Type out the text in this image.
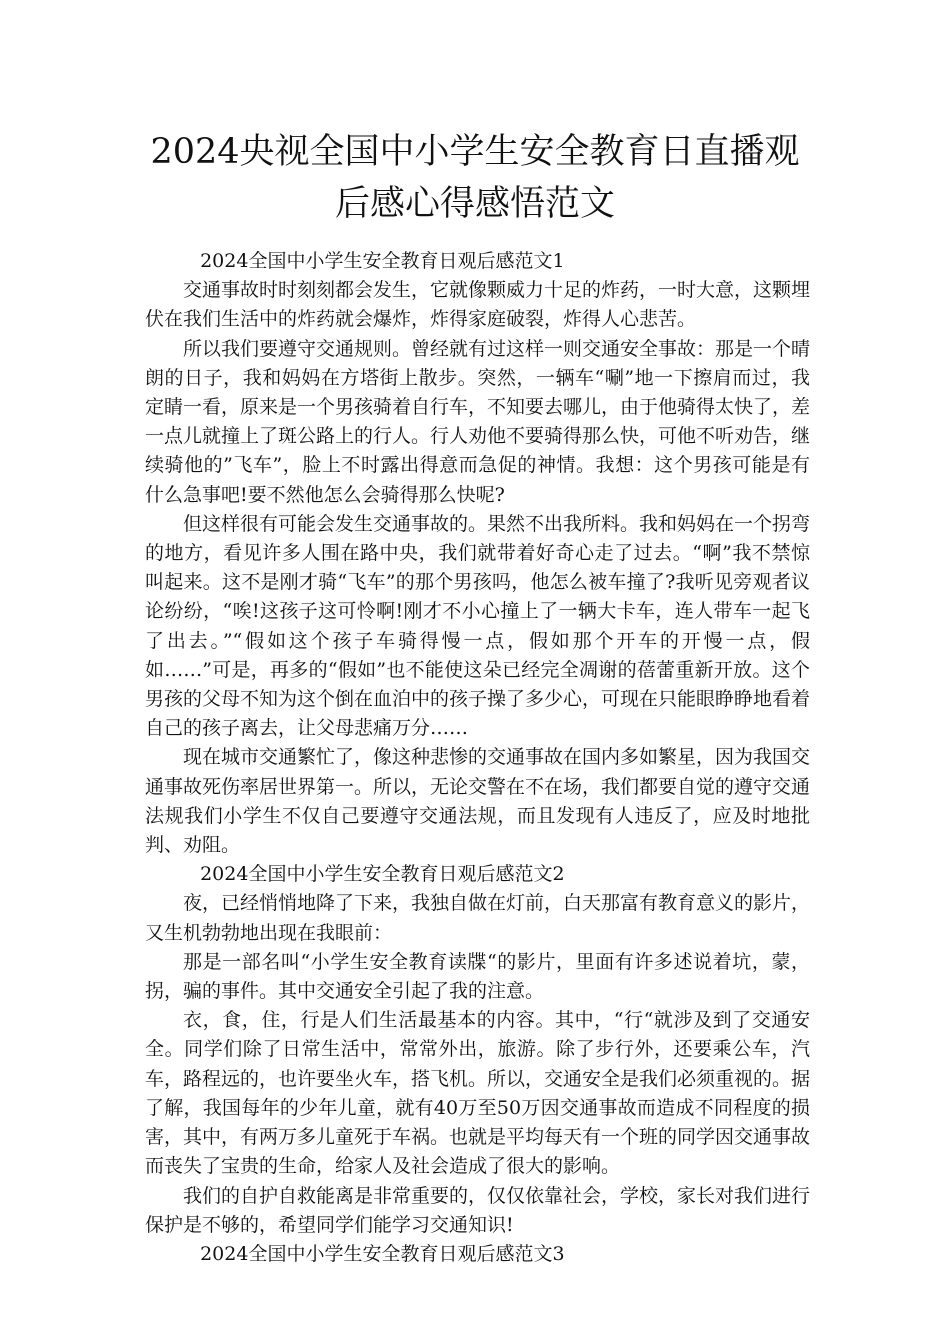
2024央视全国中小学生安全教育日直播观
后感心得感悟范文

2024全国中小学生安全教育日观后感范文1

交通事故时时刻刻都会发生，它就像颗威力十足的炸药，一时大意，这颗埋伏在我们生活中的炸药就会爆炸，炸得家庭破裂，炸得人心悲苦。

所以我们要遵守交通规则。曾经就有过这样一则交通安全事故：那是一个晴朗的日子，我和妈妈在方塔街上散步。突然，一辆车“唰”地一下擦肩而过，我定睛一看，原来是一个男孩骑着自行车，不知要去哪儿，由于他骑得太快了，差一点儿就撞上了斑公路上的行人。行人劝他不要骑得那么快，可他不听劝告，继续骑他的”飞车”，脸上不时露出得意而急促的神情。我想：这个男孩可能是有什么急事吧!要不然他怎么会骑得那么快呢?

但这样很有可能会发生交通事故的。果然不出我所料。我和妈妈在一个拐弯的地方，看见许多人围在路中央，我们就带着好奇心走了过去。“啊”我不禁惊叫起来。这不是刚才骑“飞车”的那个男孩吗，他怎么被车撞了?我听见旁观者议论纷纷，“唉!这孩子这可怜啊!刚才不小心撞上了一辆大卡车，连人带车一起飞了出去。”“假如这个孩子车骑得慢一点，假如那个开车的开慢一点，假如……”可是，再多的“假如”也不能使这朵已经完全凋谢的蓓蕾重新开放。这个男孩的父母不知为这个倒在血泊中的孩子操了多少心，可现在只能眼睁睁地看着自己的孩子离去，让父母悲痛万分……

现在城市交通繁忙了，像这种悲惨的交通事故在国内多如繁星，因为我国交通事故死伤率居世界第一。所以，无论交警在不在场，我们都要自觉的遵守交通法规我们小学生不仅自己要遵守交通法规，而且发现有人违反了，应及时地批判、劝阻。

2024全国中小学生安全教育日观后感范文2

夜，已经悄悄地降了下来，我独自做在灯前，白天那富有教育意义的影片，又生机勃勃地出现在我眼前：

那是一部名叫“小学生安全教育读牒“的影片，里面有许多述说着坑，蒙，拐，骗的事件。其中交通安全引起了我的注意。

衣，食，住，行是人们生活最基本的内容。其中，“行“就涉及到了交通安全。同学们除了日常生活中，常常外出，旅游。除了步行外，还要乘公车，汽车，路程远的，也许要坐火车，搭飞机。所以，交通安全是我们必须重视的。据了解，我国每年的少年儿童，就有40万至50万因交通事故而造成不同程度的损害，其中，有两万多儿童死于车祸。也就是平均每天有一个班的同学因交通事故而丧失了宝贵的生命，给家人及社会造成了很大的影响。

我们的自护自救能离是非常重要的，仅仅依靠社会，学校，家长对我们进行保护是不够的，希望同学们能学习交通知识!

2024全国中小学生安全教育日观后感范文3
